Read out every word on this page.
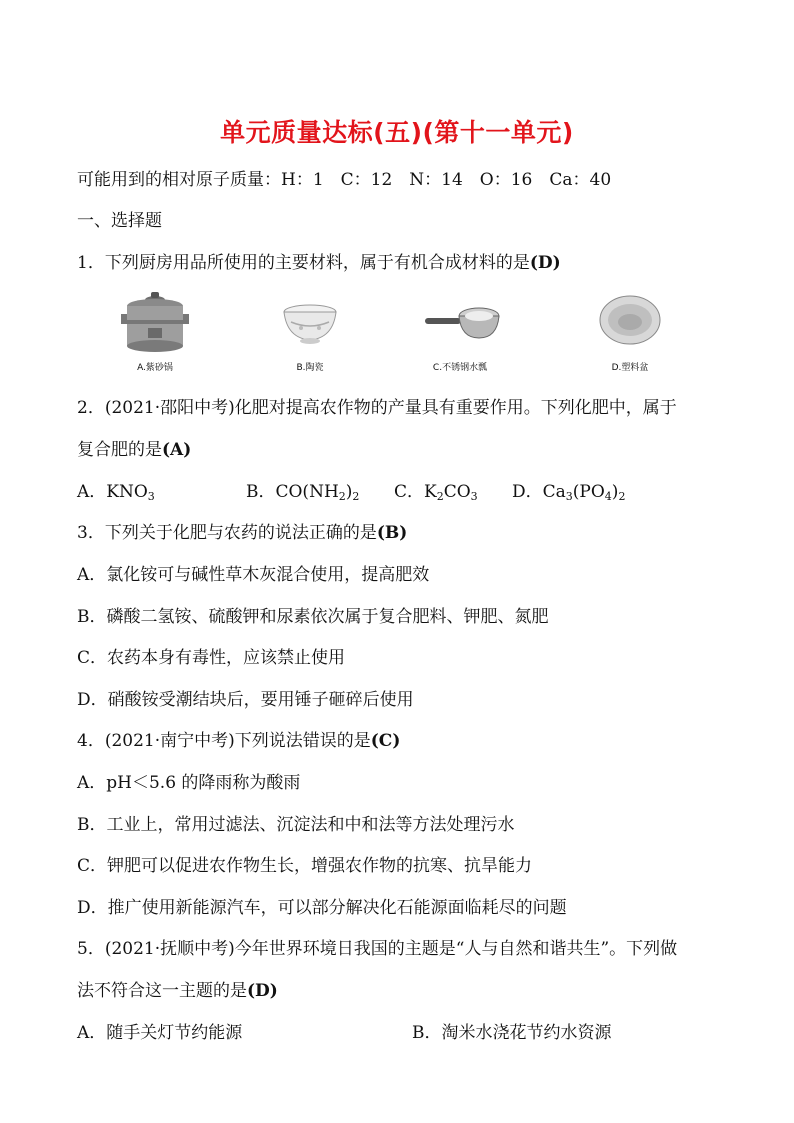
单元质量达标(五)(第十一单元)
可能用到的相对原子质量：H：1　C：12　N：14　O：16　Ca：40
一、选择题
1．下列厨房用品所使用的主要材料，属于有机合成材料的是(D)
A.紫砂锅	B.陶瓷	C.不锈钢水瓢	D.塑料盆
2．(2021·邵阳中考)化肥对提高农作物的产量具有重要作用。下列化肥中，属于
复合肥的是(A)
A．$KNO_3$	B．$CO(NH_2)_2$ C．$K_2CO_3$ D．$Ca_3(PO_4)_2$
3．下列关于化肥与农药的说法正确的是(B)
A．氯化铵可与碱性草木灰混合使用，提高肥效
B．磷酸二氢铵、硫酸钾和尿素依次属于复合肥料、钾肥、氮肥
C．农药本身有毒性，应该禁止使用
D．硝酸铵受潮结块后，要用锤子砸碎后使用
4．(2021·南宁中考)下列说法错误的是(C)
A．pH＜5.6 的降雨称为酸雨
B．工业上，常用过滤法、沉淀法和中和法等方法处理污水
C．钾肥可以促进农作物生长，增强农作物的抗寒、抗旱能力
D．推广使用新能源汽车，可以部分解决化石能源面临耗尽的问题
5．(2021·抚顺中考)今年世界环境日我国的主题是“人与自然和谐共生”。下列做
法不符合这一主题的是(D)
A．随手关灯节约能源	B．淘米水浇花节约水资源
